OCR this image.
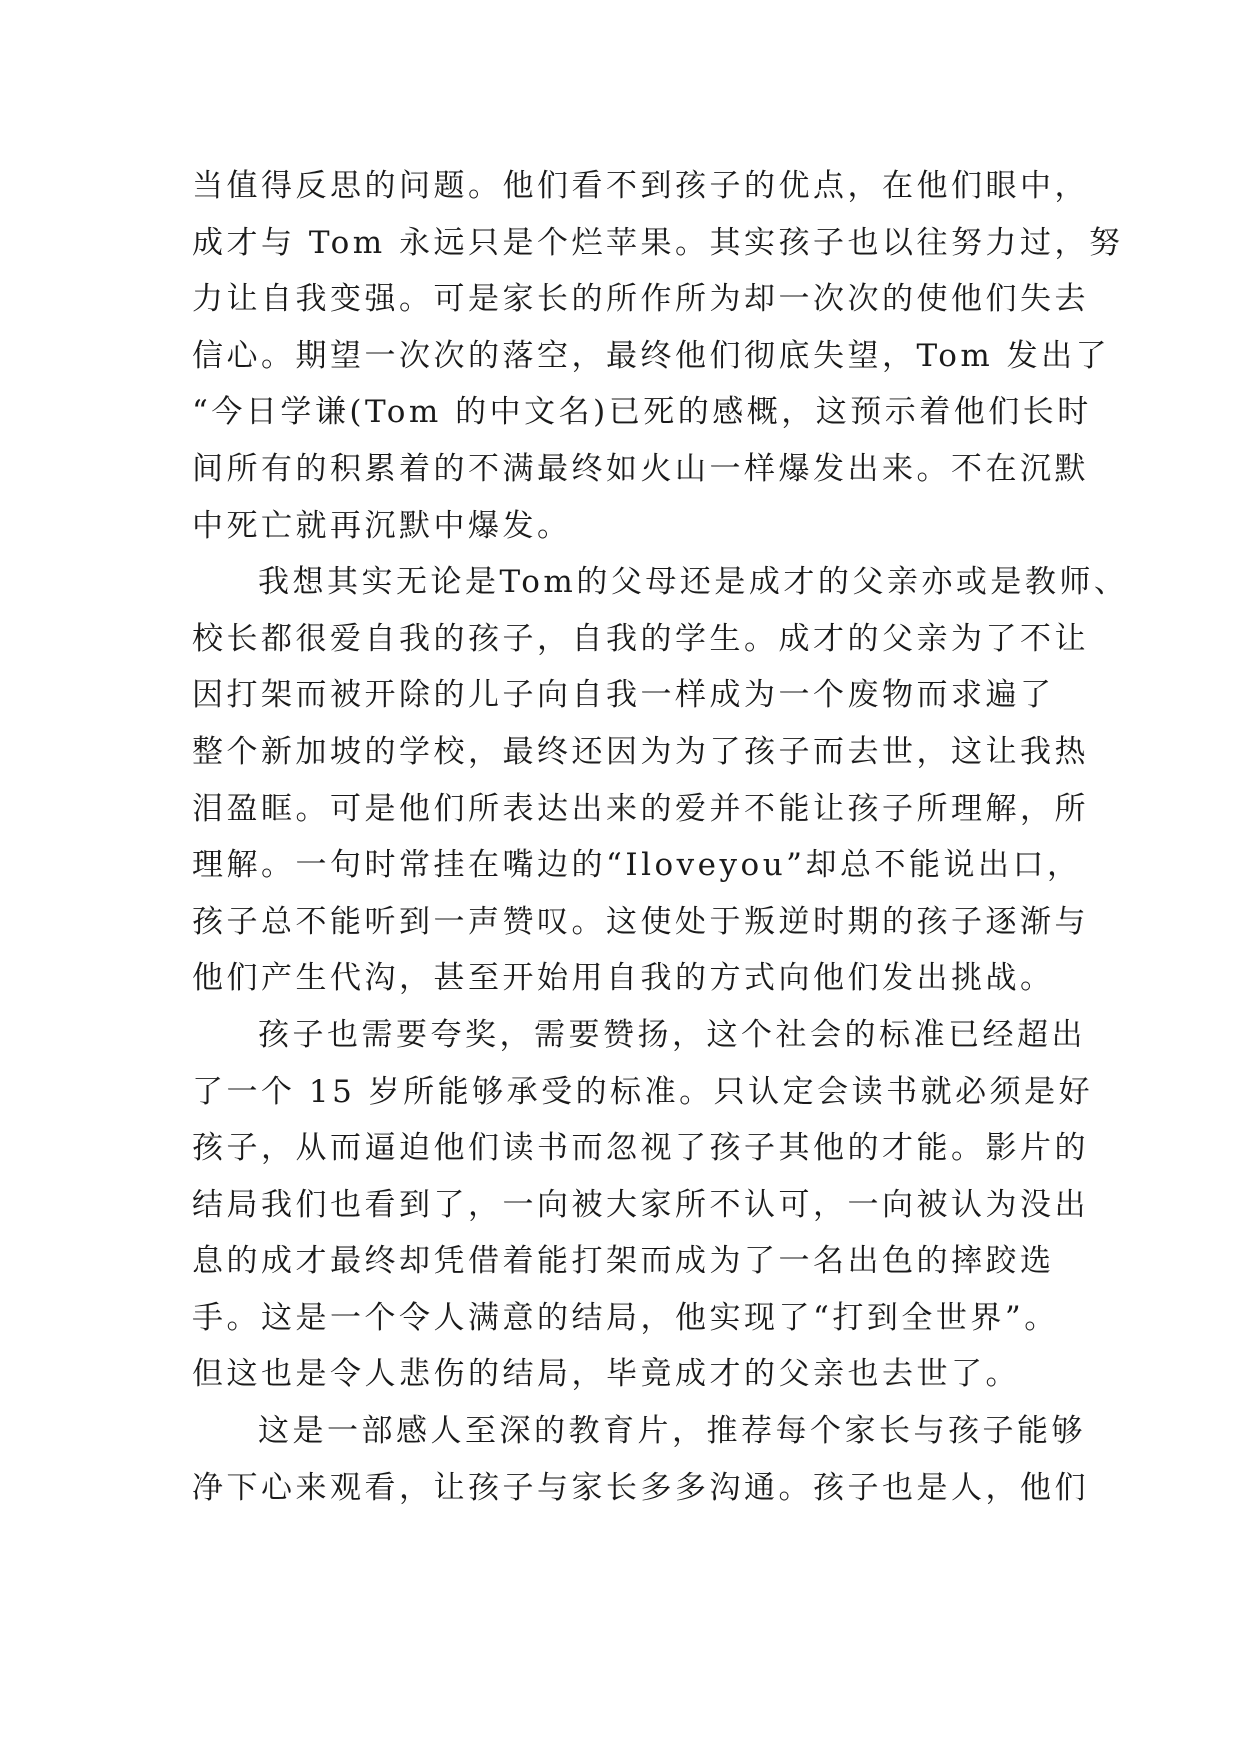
当值得反思的问题。他们看不到孩子的优点，在他们眼中，
成才与 Tom 永远只是个烂苹果。其实孩子也以往努力过，努
力让自我变强。可是家长的所作所为却一次次的使他们失去
信心。期望一次次的落空，最终他们彻底失望，Tom 发出了
“今日学谦(Tom 的中文名)已死的感概，这预示着他们长时
间所有的积累着的不满最终如火山一样爆发出来。不在沉默
中死亡就再沉默中爆发。
我想其实无论是Tom的父母还是成才的父亲亦或是教师、
校长都很爱自我的孩子，自我的学生。成才的父亲为了不让
因打架而被开除的儿子向自我一样成为一个废物而求遍了
整个新加坡的学校，最终还因为为了孩子而去世，这让我热
泪盈眶。可是他们所表达出来的爱并不能让孩子所理解，所
理解。一句时常挂在嘴边的“Iloveyou”却总不能说出口，
孩子总不能听到一声赞叹。这使处于叛逆时期的孩子逐渐与
他们产生代沟，甚至开始用自我的方式向他们发出挑战。
孩子也需要夸奖，需要赞扬，这个社会的标准已经超出
了一个 15 岁所能够承受的标准。只认定会读书就必须是好
孩子，从而逼迫他们读书而忽视了孩子其他的才能。影片的
结局我们也看到了，一向被大家所不认可，一向被认为没出
息的成才最终却凭借着能打架而成为了一名出色的摔跤选
手。这是一个令人满意的结局，他实现了“打到全世界”。
但这也是令人悲伤的结局，毕竟成才的父亲也去世了。
这是一部感人至深的教育片，推荐每个家长与孩子能够
净下心来观看，让孩子与家长多多沟通。孩子也是人，他们
